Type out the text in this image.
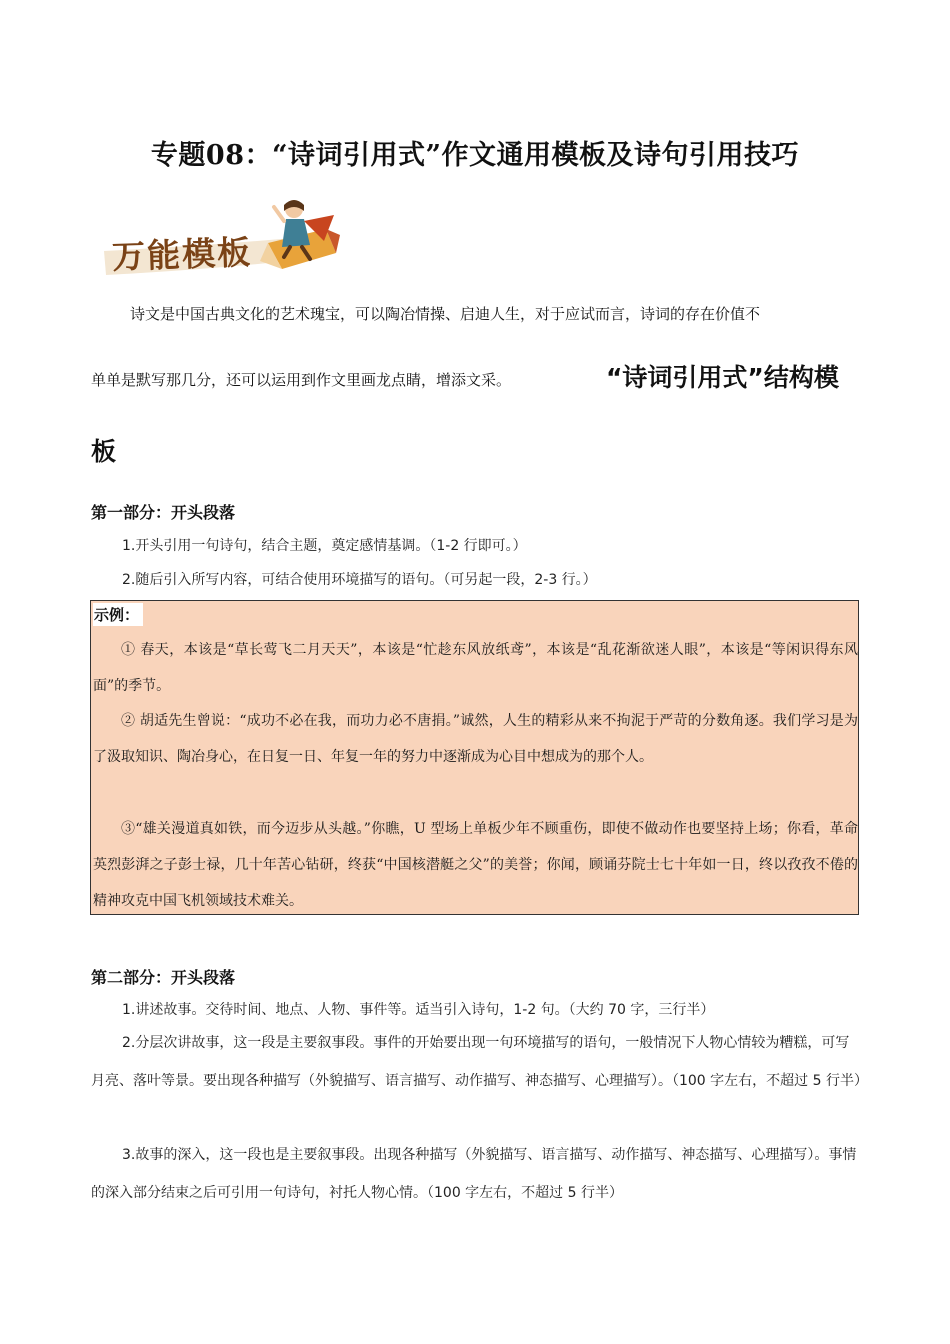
专题08：“诗词引用式”作文通用模板及诗句引用技巧
万能模板
诗文是中国古典文化的艺术瑰宝，可以陶冶情操、启迪人生，对于应试而言，诗词的存在价值不
单单是默写那几分，还可以运用到作文里画龙点睛，增添文采。	“诗词引用式”结构模
板
第一部分：开头段落
1.开头引用一句诗句，结合主题，奠定感情基调。（1-2 行即可。）
2.随后引入所写内容，可结合使用环境描写的语句。（可另起一段，2-3 行。）
示例：
① 春天，本该是“草长莺飞二月天天”，本该是“忙趁东风放纸鸢”，本该是“乱花渐欲迷人眼”，本该是“等闲识得东风面”的季节。
② 胡适先生曾说：“成功不必在我，而功力必不唐捐。”诚然，人生的精彩从来不拘泥于严苛的分数角逐。我们学习是为了汲取知识、陶冶身心，在日复一日、年复一年的努力中逐渐成为心目中想成为的那个人。
③“雄关漫道真如铁，而今迈步从头越。”你瞧，U 型场上单板少年不顾重伤，即使不做动作也要坚持上场；你看，革命英烈彭湃之子彭士禄，几十年苦心钻研，终获“中国核潜艇之父”的美誉；你闻，顾诵芬院士七十年如一日，终以孜孜不倦的精神攻克中国飞机领域技术难关。
第二部分：开头段落
1.讲述故事。交待时间、地点、人物、事件等。适当引入诗句，1-2 句。（大约 70 字，三行半）
2.分层次讲故事，这一段是主要叙事段。事件的开始要出现一句环境描写的语句，一般情况下人物心情较为糟糕，可写月亮、落叶等景。要出现各种描写（外貌描写、语言描写、动作描写、神态描写、心理描写）。（100 字左右，不超过 5 行半）
3.故事的深入，这一段也是主要叙事段。出现各种描写（外貌描写、语言描写、动作描写、神态描写、心理描写）。事情的深入部分结束之后可引用一句诗句，衬托人物心情。（100 字左右，不超过 5 行半）
